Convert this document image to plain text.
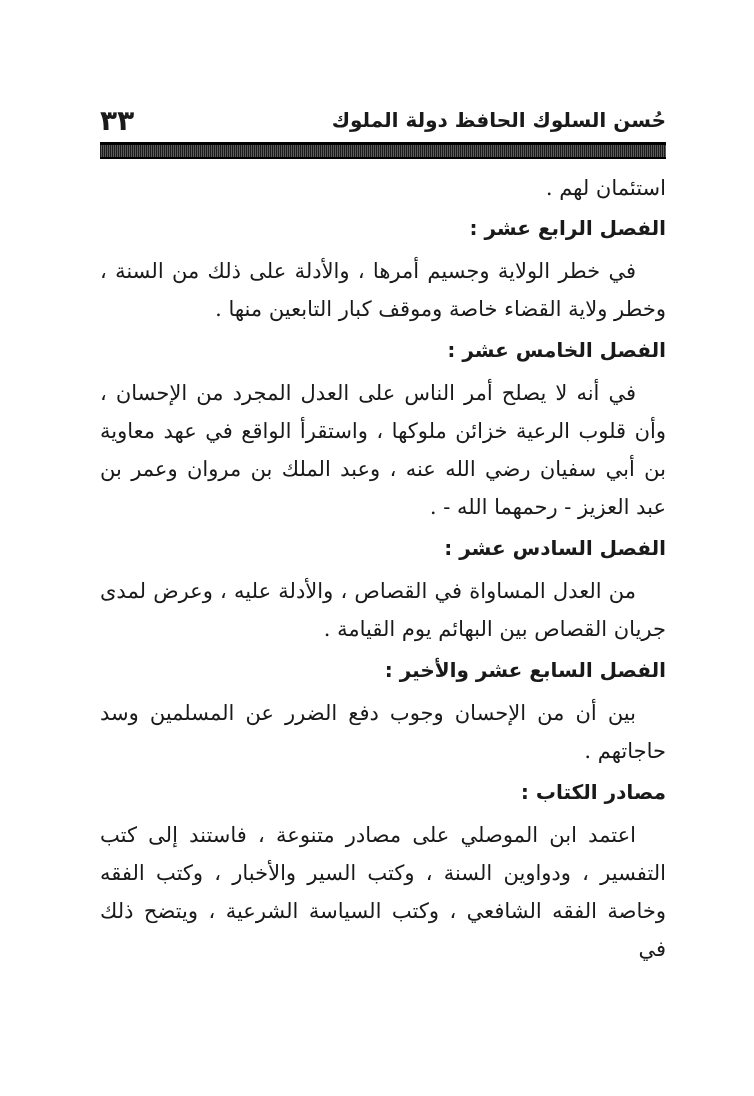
حُسن السلوك الحافظ دولة الملوك
٣٣

استئمان لهم .

الفصل الرابع عشر :

في خطر الولاية وجسيم أمرها ، والأدلة على ذلك من السنة ، وخطر ولاية القضاء خاصة وموقف كبار التابعين منها .

الفصل الخامس عشر :

في أنه لا يصلح أمر الناس على العدل المجرد من الإحسان ، وأن قلوب الرعية خزائن ملوكها ، واستقرأ الواقع في عهد معاوية بن أبي سفيان رضي الله عنه ، وعبد الملك بن مروان وعمر بن عبد العزيز - رحمهما الله - .

الفصل السادس عشر :

من العدل المساواة في القصاص ، والأدلة عليه ، وعرض لمدى جريان القصاص بين البهائم يوم القيامة .

الفصل السابع عشر والأخير :

بين أن من الإحسان وجوب دفع الضرر عن المسلمين وسد حاجاتهم .

مصادر الكتاب :

اعتمد ابن الموصلي على مصادر متنوعة ، فاستند إلى كتب التفسير ، ودواوين السنة ، وكتب السير والأخبار ، وكتب الفقه وخاصة الفقه الشافعي ، وكتب السياسة الشرعية ، ويتضح ذلك في
